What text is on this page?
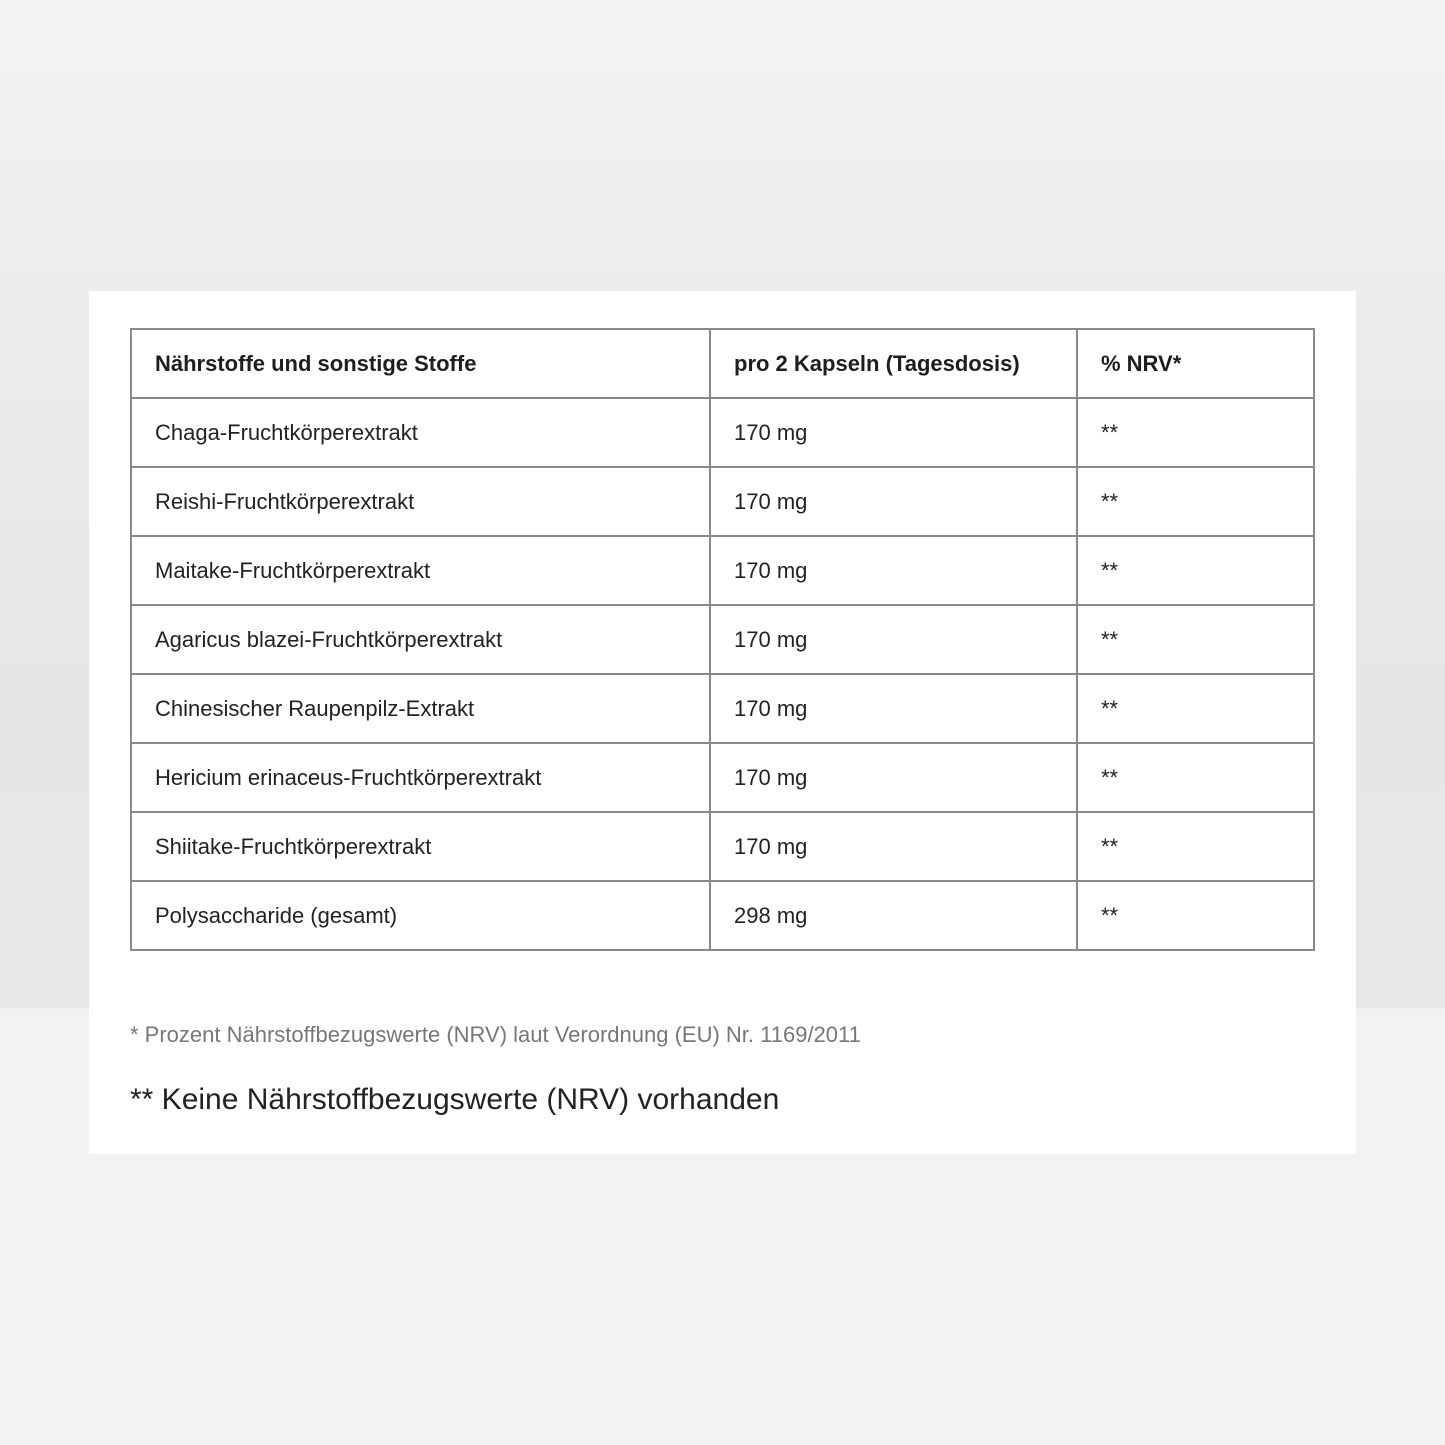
Nährstoffe und sonstige Stoffe	pro 2 Kapseln (Tagesdosis)	% NRV*
Chaga-Fruchtkörperextrakt	170 mg	**
Reishi-Fruchtkörperextrakt	170 mg	**
Maitake-Fruchtkörperextrakt	170 mg	**
Agaricus blazei-Fruchtkörperextrakt	170 mg	**
Chinesischer Raupenpilz-Extrakt	170 mg	**
Hericium erinaceus-Fruchtkörperextrakt	170 mg	**
Shiitake-Fruchtkörperextrakt	170 mg	**
Polysaccharide (gesamt)	298 mg	**
* Prozent Nährstoffbezugswerte (NRV) laut Verordnung (EU) Nr. 1169/2011
** Keine Nährstoffbezugswerte (NRV) vorhanden
